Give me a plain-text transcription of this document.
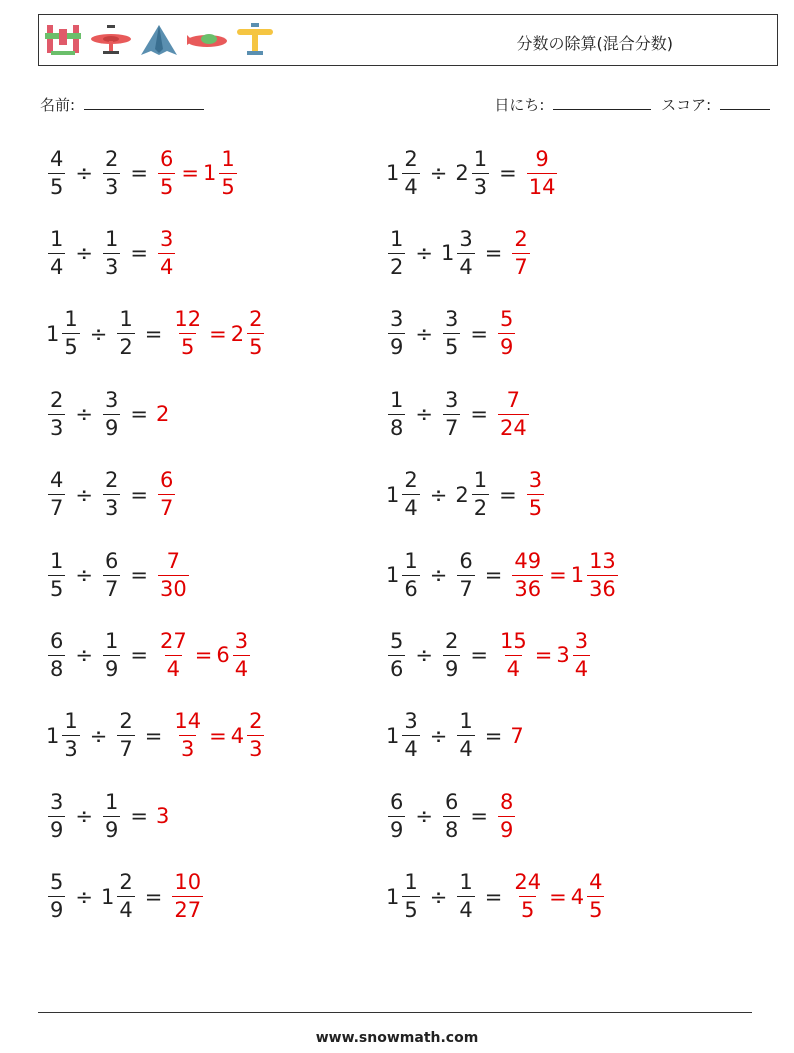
分数の除算(混合分数)
名前:	日にち:	スコア:
$\frac{4}{5} \div \frac{2}{3} = \frac{6}{5} = 1 \frac{1}{5}$	$1 \frac{2}{4} \div 2 \frac{1}{3} = \frac{9}{14}$
$\frac{1}{4} \div \frac{1}{3} = \frac{3}{4}$	$\frac{1}{2} \div 1 \frac{3}{4} = \frac{2}{7}$
$1 \frac{1}{5} \div \frac{1}{2} = \frac{12}{5} = 2 \frac{2}{5}$	$\frac{3}{9} \div \frac{3}{5} = \frac{5}{9}$
$\frac{2}{3} \div \frac{3}{9} = 2$	$\frac{1}{8} \div \frac{3}{7} = \frac{7}{24}$
$\frac{4}{7} \div \frac{2}{3} = \frac{6}{7}$	$1 \frac{2}{4} \div 2 \frac{1}{2} = \frac{3}{5}$
$\frac{1}{5} \div \frac{6}{7} = \frac{7}{30}$	$1 \frac{1}{6} \div \frac{6}{7} = \frac{49}{36} = 1 \frac{13}{36}$
$\frac{6}{8} \div \frac{1}{9} = \frac{27}{4} = 6 \frac{3}{4}$	$\frac{5}{6} \div \frac{2}{9} = \frac{15}{4} = 3 \frac{3}{4}$
$1 \frac{1}{3} \div \frac{2}{7} = \frac{14}{3} = 4 \frac{2}{3}$	$1 \frac{3}{4} \div \frac{1}{4} = 7$
$\frac{3}{9} \div \frac{1}{9} = 3$	$\frac{6}{9} \div \frac{6}{8} = \frac{8}{9}$
$\frac{5}{9} \div 1 \frac{2}{4} = \frac{10}{27}$	$1 \frac{1}{5} \div \frac{1}{4} = \frac{24}{5} = 4 \frac{4}{5}$
www.snowmath.com
